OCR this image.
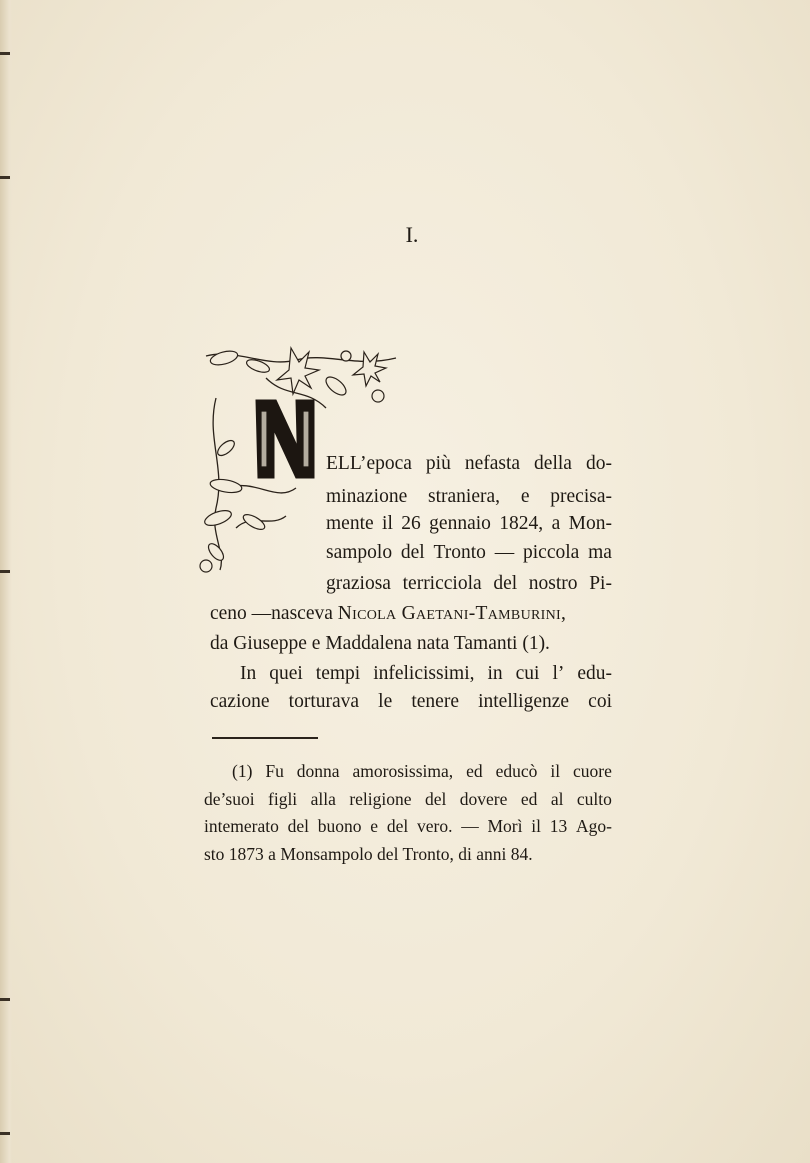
I.
ELL’epoca più nefasta della do-
minazione straniera, e precisa-
mente il 26 gennaio 1824, a Mon-
sampolo del Tronto — piccola ma
graziosa terricciola del nostro Pi-
ceno —nasceva Nicola Gaetani-Tamburini,
da Giuseppe e Maddalena nata Tamanti (1).
In quei tempi infelicissimi, in cui l’ edu-
cazione torturava le tenere intelligenze coi
(1) Fu donna amorosissima, ed educò il cuore
de’suoi figli alla religione del dovere ed al culto
intemerato del buono e del vero. — Morì il 13 Ago-
sto 1873 a Monsampolo del Tronto, di anni 84.
